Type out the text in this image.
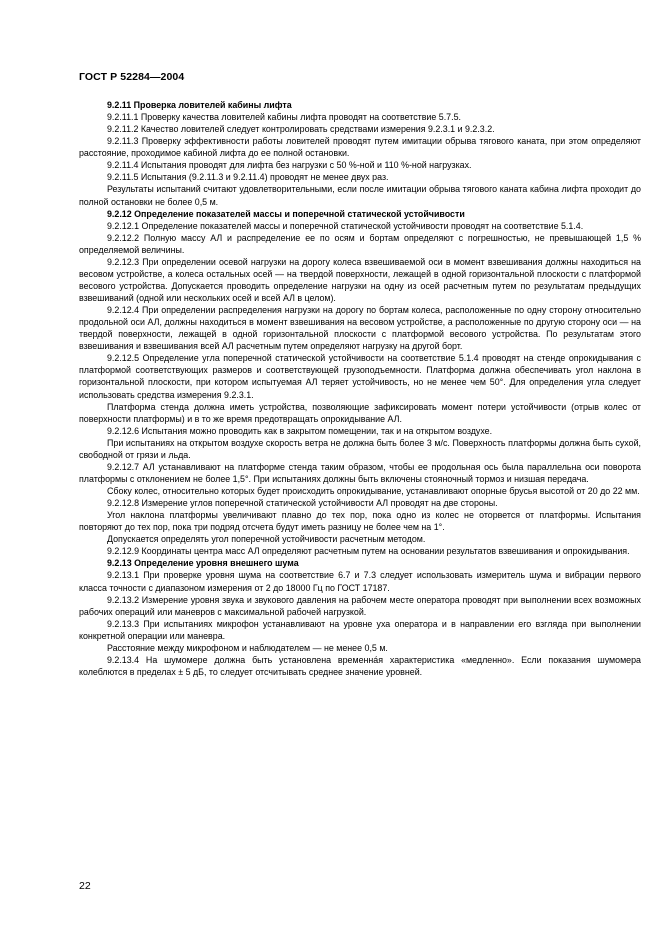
ГОСТ Р 52284—2004

9.2.11 Проверка ловителей кабины лифта

9.2.11.1 Проверку качества ловителей кабины лифта проводят на соответствие 5.7.5.

9.2.11.2 Качество ловителей следует контролировать средствами измерения 9.2.3.1 и 9.2.3.2.

9.2.11.3 Проверку эффективности работы ловителей проводят путем имитации обрыва тягового каната, при этом определяют расстояние, проходимое кабиной лифта до ее полной остановки.

9.2.11.4 Испытания проводят для лифта без нагрузки с 50 %-ной и 110 %-ной нагрузках.

9.2.11.5 Испытания (9.2.11.3 и 9.2.11.4) проводят не менее двух раз.

Результаты испытаний считают удовлетворительными, если после имитации обрыва тягового каната кабина лифта проходит до полной остановки не более 0,5 м.

9.2.12 Определение показателей массы и поперечной статической устойчивости

9.2.12.1 Определение показателей массы и поперечной статической устойчивости проводят на соответствие 5.1.4.

9.2.12.2 Полную массу АЛ и распределение ее по осям и бортам определяют с погрешностью, не превышающей 1,5 % определяемой величины.

9.2.12.3 При определении осевой нагрузки на дорогу колеса взвешиваемой оси в момент взвешивания должны находиться на весовом устройстве, а колеса остальных осей — на твердой поверхности, лежащей в одной горизонтальной плоскости с платформой весового устройства. Допускается проводить определение нагрузки на одну из осей расчетным путем по результатам предыдущих взвешиваний (одной или нескольких осей и всей АЛ в целом).

9.2.12.4 При определении распределения нагрузки на дорогу по бортам колеса, расположенные по одну сторону относительно продольной оси АЛ, должны находиться в момент взвешивания на весовом устройстве, а расположенные по другую сторону оси — на твердой поверхности, лежащей в одной горизонтальной плоскости с платформой весового устройства. По результатам этого взвешивания и взвешивания всей АЛ расчетным путем определяют нагрузку на другой борт.

9.2.12.5 Определение угла поперечной статической устойчивости на соответствие 5.1.4 проводят на стенде опрокидывания с платформой соответствующих размеров и соответствующей грузоподъемности. Платформа должна обеспечивать угол наклона в горизонтальной плоскости, при котором испытуемая АЛ теряет устойчивость, но не менее чем 50°. Для определения угла следует использовать средства измерения 9.2.3.1.

Платформа стенда должна иметь устройства, позволяющие зафиксировать момент потери устойчивости (отрыв колес от поверхности платформы) и в то же время предотвращать опрокидывание АЛ.

9.2.12.6 Испытания можно проводить как в закрытом помещении, так и на открытом воздухе.

При испытаниях на открытом воздухе скорость ветра не должна быть более 3 м/с. Поверхность платформы должна быть сухой, свободной от грязи и льда.

9.2.12.7 АЛ устанавливают на платформе стенда таким образом, чтобы ее продольная ось была параллельна оси поворота платформы с отклонением не более 1,5°. При испытаниях должны быть включены стояночный тормоз и низшая передача.

Сбоку колес, относительно которых будет происходить опрокидывание, устанавливают опорные брусья высотой от 20 до 22 мм.

9.2.12.8 Измерение углов поперечной статической устойчивости АЛ проводят на две стороны.

Угол наклона платформы увеличивают плавно до тех пор, пока одно из колес не оторвется от платформы. Испытания повторяют до тех пор, пока три подряд отсчета будут иметь разницу не более чем на 1°.

Допускается определять угол поперечной устойчивости расчетным методом.

9.2.12.9 Координаты центра масс АЛ определяют расчетным путем на основании результатов взвешивания и опрокидывания.

9.2.13 Определение уровня внешнего шума

9.2.13.1 При проверке уровня шума на соответствие 6.7 и 7.3 следует использовать измеритель шума и вибрации первого класса точности с диапазоном измерения от 2 до 18000 Гц по ГОСТ 17187.

9.2.13.2 Измерение уровня звука и звукового давления на рабочем месте оператора проводят при выполнении всех возможных рабочих операций или маневров с максимальной рабочей нагрузкой.

9.2.13.3 При испытаниях микрофон устанавливают на уровне уха оператора и в направлении его взгляда при выполнении конкретной операции или маневра.

Расстояние между микрофоном и наблюдателем — не менее 0,5 м.

9.2.13.4 На шумомере должна быть установлена временна́я характеристика «медленно». Если показания шумомера колеблются в пределах ± 5 дБ, то следует отсчитывать среднее значение уровней.

22
